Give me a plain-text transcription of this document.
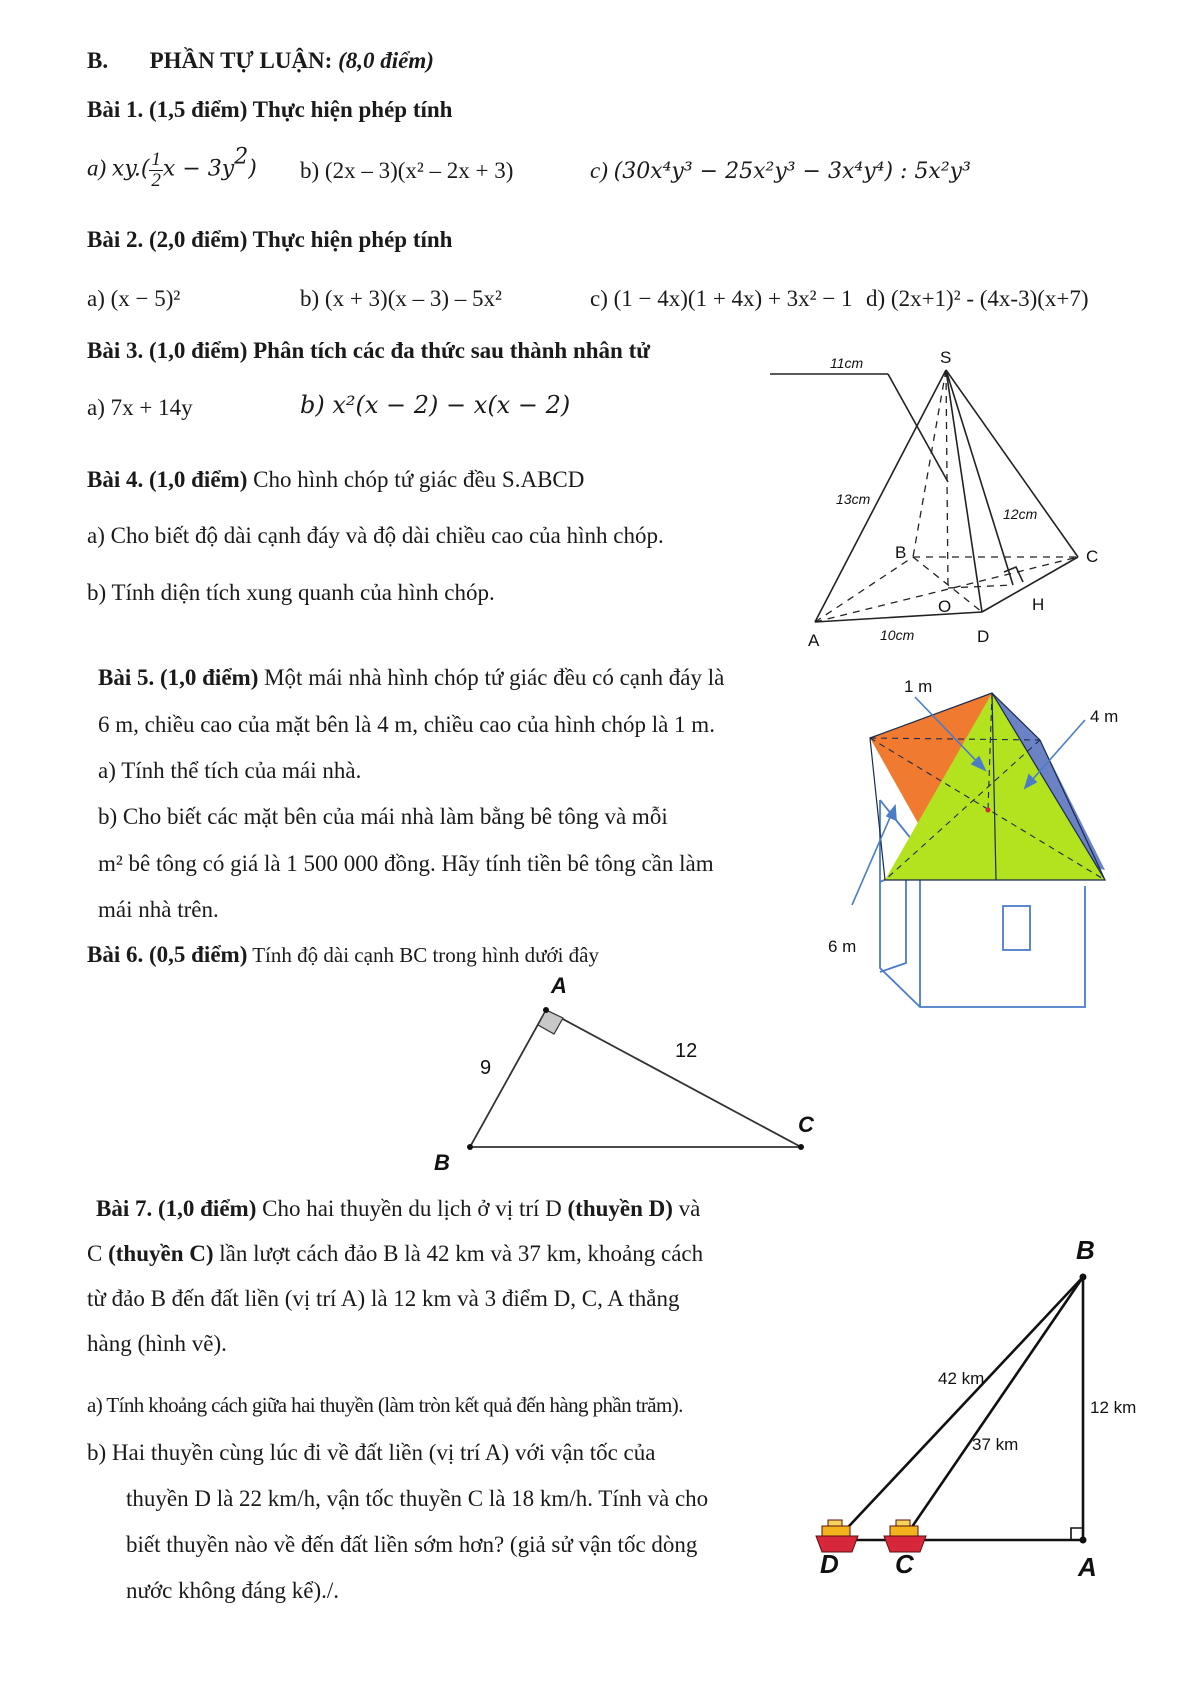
B. PHẦN TỰ LUẬN: (8,0 điểm)
Bài 1. (1,5 điểm) Thực hiện phép tính
a) $xy.( \frac{1}{2}$ $x - 3y^2$) b) (2x – 3)(x² – 2x + 3)	c) (30x⁴y³ − 25x²y³ − 3x⁴y⁴) : 5x²y³
Bài 2. (2,0 điểm) Thực hiện phép tính
a) (x − 5)²	b) (x + 3)(x – 3) – 5x²	c) (1 − 4x)(1 + 4x) + 3x² − 1 d) (2x+1)² - (4x-3)(x+7)
Bài 3. (1,0 điểm) Phân tích các đa thức sau thành nhân tử
a) 7x + 14y	b) x²(x − 2) − x(x − 2)
Bài 4. (1,0 điểm) Cho hình chóp tứ giác đều S.ABCD
a) Cho biết độ dài cạnh đáy và độ dài chiều cao của hình chóp.
b) Tính diện tích xung quanh của hình chóp.
S
A
B	C
D
O	H
11cm
13cm
12cm
10cm
Bài 5. (1,0 điểm) Một mái nhà hình chóp tứ giác đều có cạnh đáy là
6 m, chiều cao của mặt bên là 4 m, chiều cao của hình chóp là 1 m.
a) Tính thể tích của mái nhà.
b) Cho biết các mặt bên của mái nhà làm bằng bê tông và mỗi
m² bê tông có giá là 1 500 000 đồng. Hãy tính tiền bê tông cần làm
mái nhà trên.
1 m
4 m
6 m
Bài 6. (0,5 điểm) Tính độ dài cạnh BC trong hình dưới đây
A
B
C
9
12
Bài 7. (1,0 điểm) Cho hai thuyền du lịch ở vị trí D (thuyền D) và
C (thuyền C) lần lượt cách đảo B là 42 km và 37 km, khoảng cách
từ đảo B đến đất liền (vị trí A) là 12 km và 3 điểm D, C, A thẳng
hàng (hình vẽ).
a) Tính khoảng cách giữa hai thuyền (làm tròn kết quả đến hàng phần trăm).
b) Hai thuyền cùng lúc đi về đất liền (vị trí A) với vận tốc của
thuyền D là 22 km/h, vận tốc thuyền C là 18 km/h. Tính và cho
biết thuyền nào về đến đất liền sớm hơn? (giả sử vận tốc dòng
nước không đáng kể)./.
B
A
C
D
42 km
37 km
12 km
